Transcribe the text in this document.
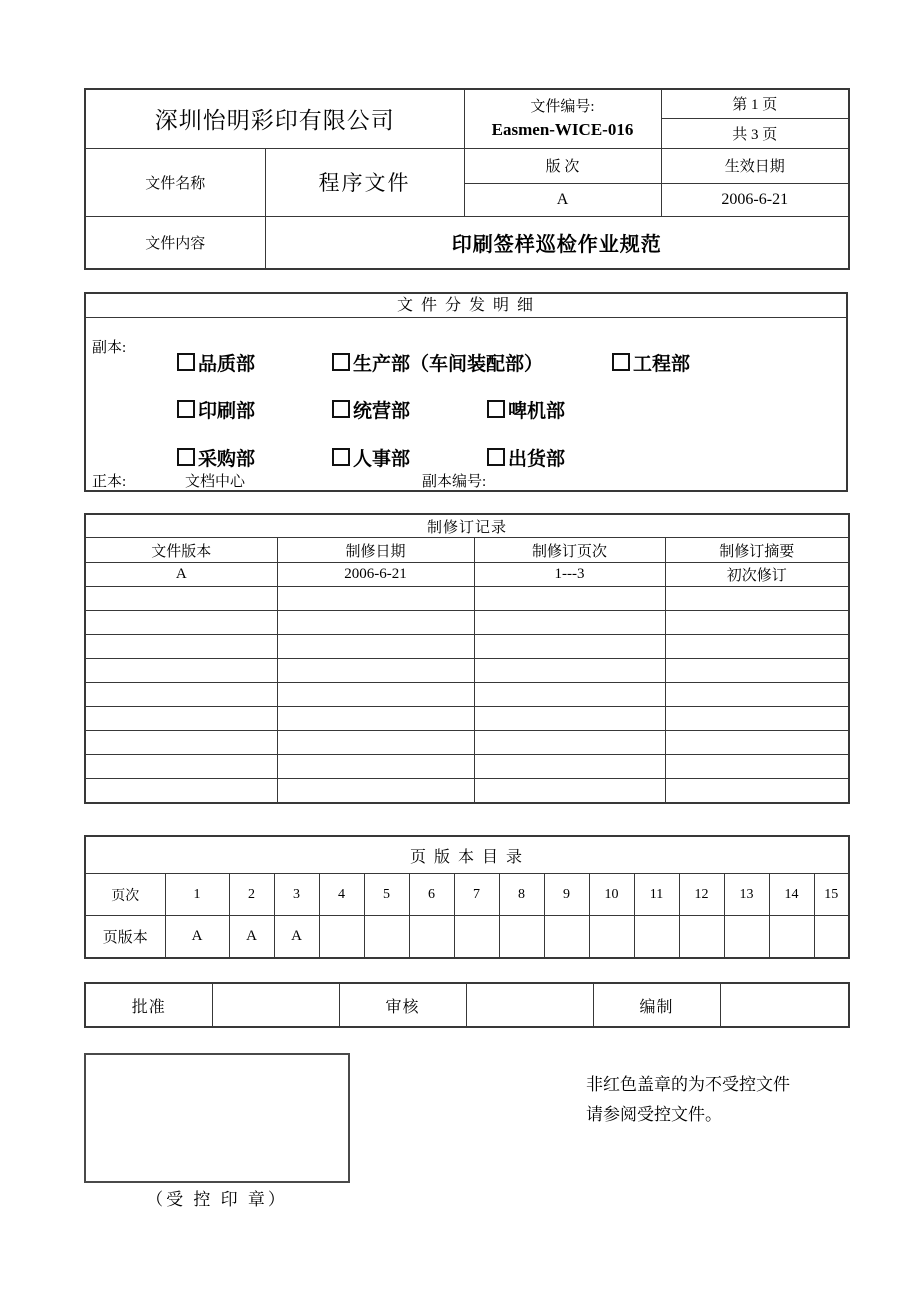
深圳怡明彩印有限公司		文件编号:
Easmen-WICE-016	第 1 页
			共 3 页
文件名称	程序文件	版 次	生效日期
		A	2006-6-21
文件内容	印刷签样巡检作业规范		
文 件 分 发 明 细
副本:
正本:	文档中心	副本编号:
品质部	生产部（车间装配部）	工程部
印刷部	统营部	啤机部
采购部	人事部	出货部
制修订记录			
文件版本	制修日期	制修订页次	制修订摘要
A	2006-6-21	1---3	初次修订

页 版 本 目 录															
页次	1	2	3	4	5	6	7	8	9	10	11	12	13	14	15
页版本	A	A	A												
批准		审核		编制	
（受 控 印 章）
非红色盖章的为不受控文件
请参阅受控文件。
